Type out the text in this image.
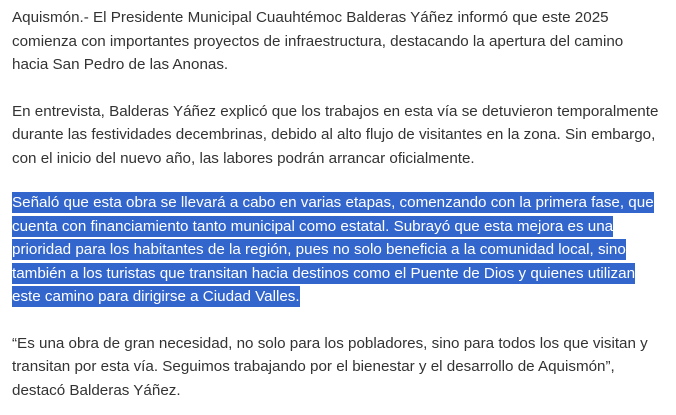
Aquismón.- El Presidente Municipal Cuauhtémoc Balderas Yáñez informó que este 2025 comienza con importantes proyectos de infraestructura, destacando la apertura del camino hacia San Pedro de las Anonas.

En entrevista, Balderas Yáñez explicó que los trabajos en esta vía se detuvieron temporalmente durante las festividades decembrinas, debido al alto flujo de visitantes en la zona. Sin embargo, con el inicio del nuevo año, las labores podrán arrancar oficialmente.

Señaló que esta obra se llevará a cabo en varias etapas, comenzando con la primera fase, que cuenta con financiamiento tanto municipal como estatal. Subrayó que esta mejora es una prioridad para los habitantes de la región, pues no solo beneficia a la comunidad local, sino también a los turistas que transitan hacia destinos como el Puente de Dios y quienes utilizan este camino para dirigirse a Ciudad Valles.

“Es una obra de gran necesidad, no solo para los pobladores, sino para todos los que visitan y transitan por esta vía. Seguimos trabajando por el bienestar y el desarrollo de Aquismón”, destacó Balderas Yáñez.
